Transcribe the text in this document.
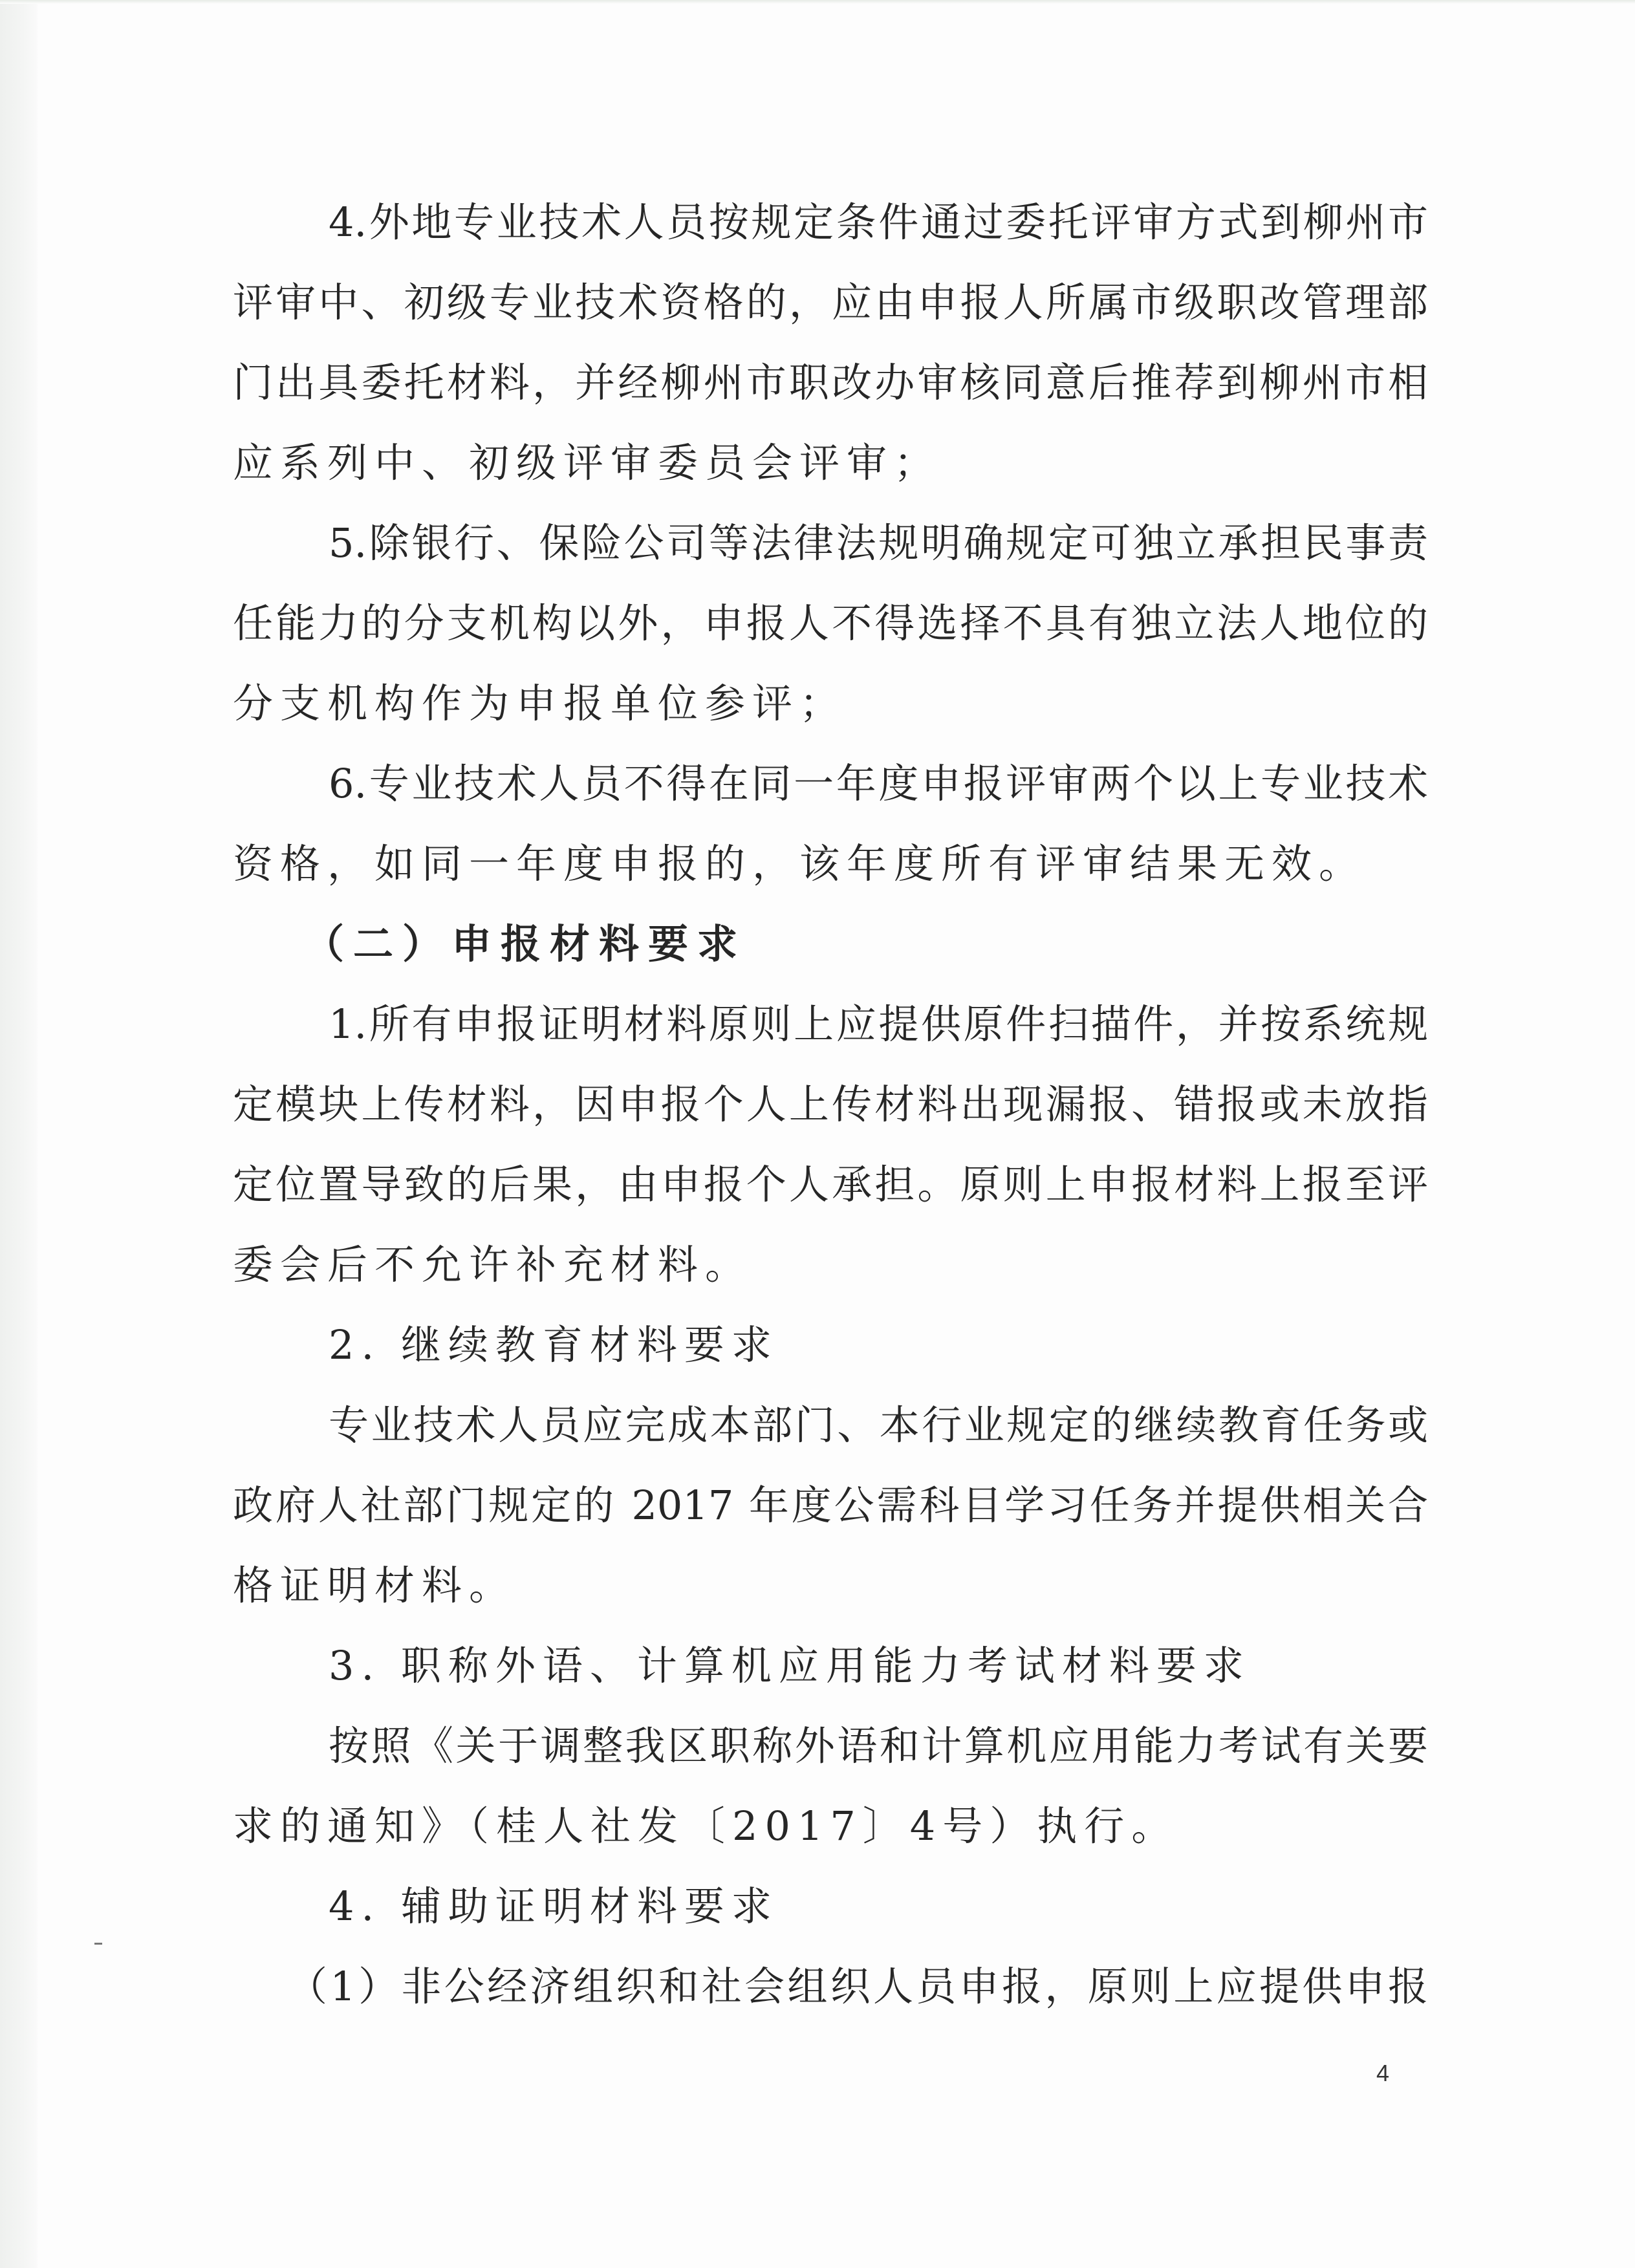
4.外地专业技术人员按规定条件通过委托评审方式到柳州市
评审中、初级专业技术资格的，应由申报人所属市级职改管理部
门出具委托材料，并经柳州市职改办审核同意后推荐到柳州市相
应系列中、初级评审委员会评审；
5.除银行、保险公司等法律法规明确规定可独立承担民事责
任能力的分支机构以外，申报人不得选择不具有独立法人地位的
分支机构作为申报单位参评；
6.专业技术人员不得在同一年度申报评审两个以上专业技术
资格，如同一年度申报的，该年度所有评审结果无效。
（二）申报材料要求
1.所有申报证明材料原则上应提供原件扫描件，并按系统规
定模块上传材料，因申报个人上传材料出现漏报、错报或未放指
定位置导致的后果，由申报个人承担。原则上申报材料上报至评
委会后不允许补充材料。
2. 继续教育材料要求
专业技术人员应完成本部门、本行业规定的继续教育任务或
政府人社部门规定的 2017 年度公需科目学习任务并提供相关合
格证明材料。
3. 职称外语、计算机应用能力考试材料要求
按照《关于调整我区职称外语和计算机应用能力考试有关要
求的通知》（桂人社发〔2017〕4号）执行。
4. 辅助证明材料要求
（1）非公经济组织和社会组织人员申报，原则上应提供申报
4
